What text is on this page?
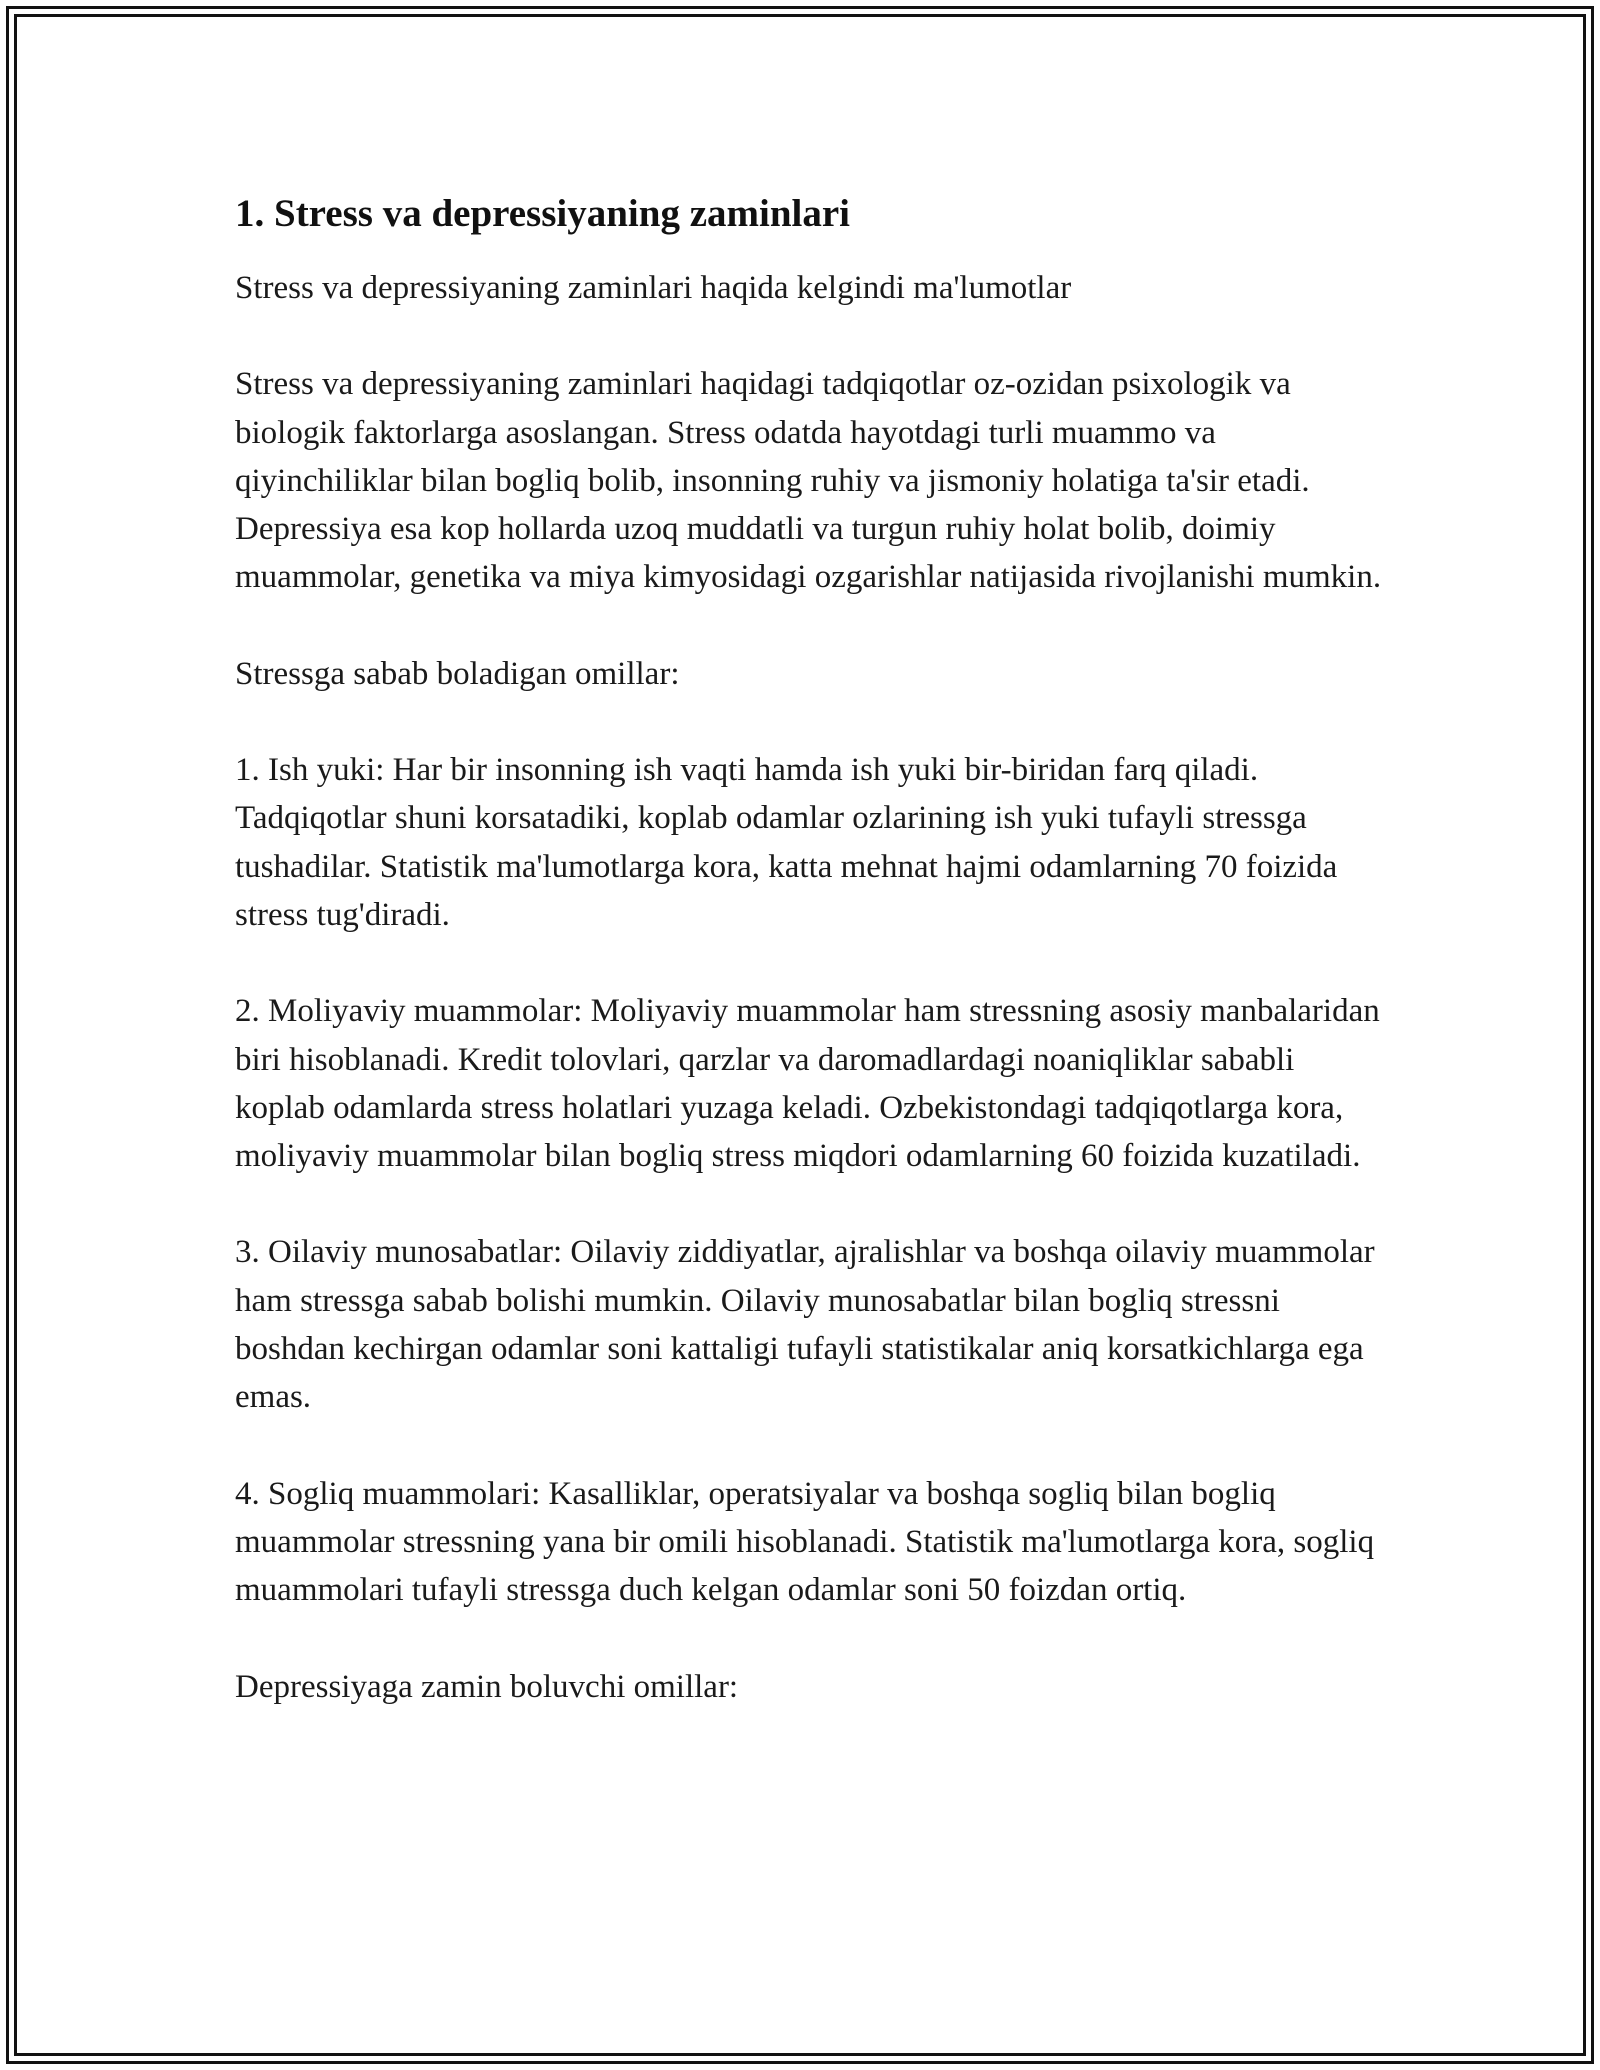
1. Stress va depressiyaning zaminlari

Stress va depressiyaning zaminlari haqida kelgindi ma'lumotlar

Stress va depressiyaning zaminlari haqidagi tadqiqotlar oz-ozidan psixologik va biologik faktorlarga asoslangan. Stress odatda hayotdagi turli muammo va qiyinchiliklar bilan bogliq bolib, insonning ruhiy va jismoniy holatiga ta'sir etadi. Depressiya esa kop hollarda uzoq muddatli va turgun ruhiy holat bolib, doimiy muammolar, genetika va miya kimyosidagi ozgarishlar natijasida rivojlanishi mumkin.

Stressga sabab boladigan omillar:

1. Ish yuki: Har bir insonning ish vaqti hamda ish yuki bir-biridan farq qiladi. Tadqiqotlar shuni korsatadiki, koplab odamlar ozlarining ish yuki tufayli stressga tushadilar. Statistik ma'lumotlarga kora, katta mehnat hajmi odamlarning 70 foizida stress tug'diradi.

2. Moliyaviy muammolar: Moliyaviy muammolar ham stressning asosiy manbalaridan biri hisoblanadi. Kredit tolovlari, qarzlar va daromadlardagi noaniqliklar sababli koplab odamlarda stress holatlari yuzaga keladi. Ozbekistondagi tadqiqotlarga kora, moliyaviy muammolar bilan bogliq stress miqdori odamlarning 60 foizida kuzatiladi.

3. Oilaviy munosabatlar: Oilaviy ziddiyatlar, ajralishlar va boshqa oilaviy muammolar ham stressga sabab bolishi mumkin. Oilaviy munosabatlar bilan bogliq stressni boshdan kechirgan odamlar soni kattaligi tufayli statistikalar aniq korsatkichlarga ega emas.

4. Sogliq muammolari: Kasalliklar, operatsiyalar va boshqa sogliq bilan bogliq muammolar stressning yana bir omili hisoblanadi. Statistik ma'lumotlarga kora, sogliq muammolari tufayli stressga duch kelgan odamlar soni 50 foizdan ortiq.

Depressiyaga zamin boluvchi omillar:
